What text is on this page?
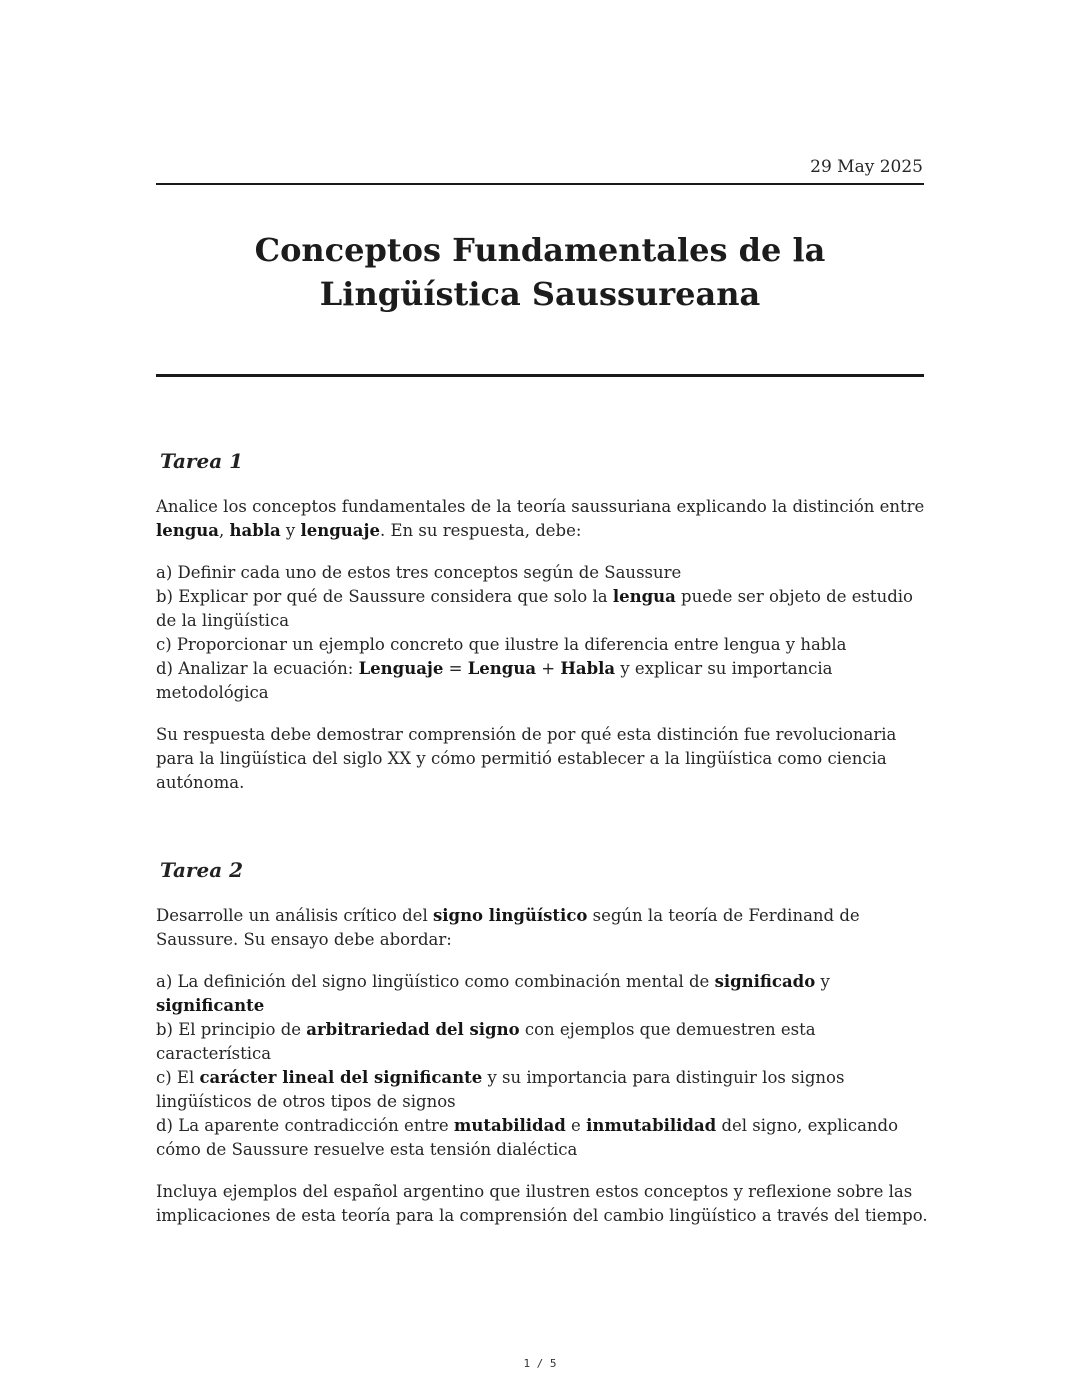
29 May 2025
Conceptos Fundamentales de la Lingüística Saussureana
Tarea 1

Analice los conceptos fundamentales de la teoría saussuriana explicando la distinción entre lengua, habla y lenguaje. En su respuesta, debe:

a) Definir cada uno de estos tres conceptos según de Saussure
b) Explicar por qué de Saussure considera que solo la lengua puede ser objeto de estudio de la lingüística
c) Proporcionar un ejemplo concreto que ilustre la diferencia entre lengua y habla
d) Analizar la ecuación: Lenguaje = Lengua + Habla y explicar su importancia metodológica

Su respuesta debe demostrar comprensión de por qué esta distinción fue revolucionaria para la lingüística del siglo XX y cómo permitió establecer a la lingüística como ciencia autónoma.

Tarea 2

Desarrolle un análisis crítico del signo lingüístico según la teoría de Ferdinand de Saussure. Su ensayo debe abordar:

a) La definición del signo lingüístico como combinación mental de significado y significante
b) El principio de arbitrariedad del signo con ejemplos que demuestren esta característica
c) El carácter lineal del significante y su importancia para distinguir los signos lingüísticos de otros tipos de signos
d) La aparente contradicción entre mutabilidad e inmutabilidad del signo, explicando cómo de Saussure resuelve esta tensión dialéctica

Incluya ejemplos del español argentino que ilustren estos conceptos y reflexione sobre las implicaciones de esta teoría para la comprensión del cambio lingüístico a través del tiempo.

1 / 5
